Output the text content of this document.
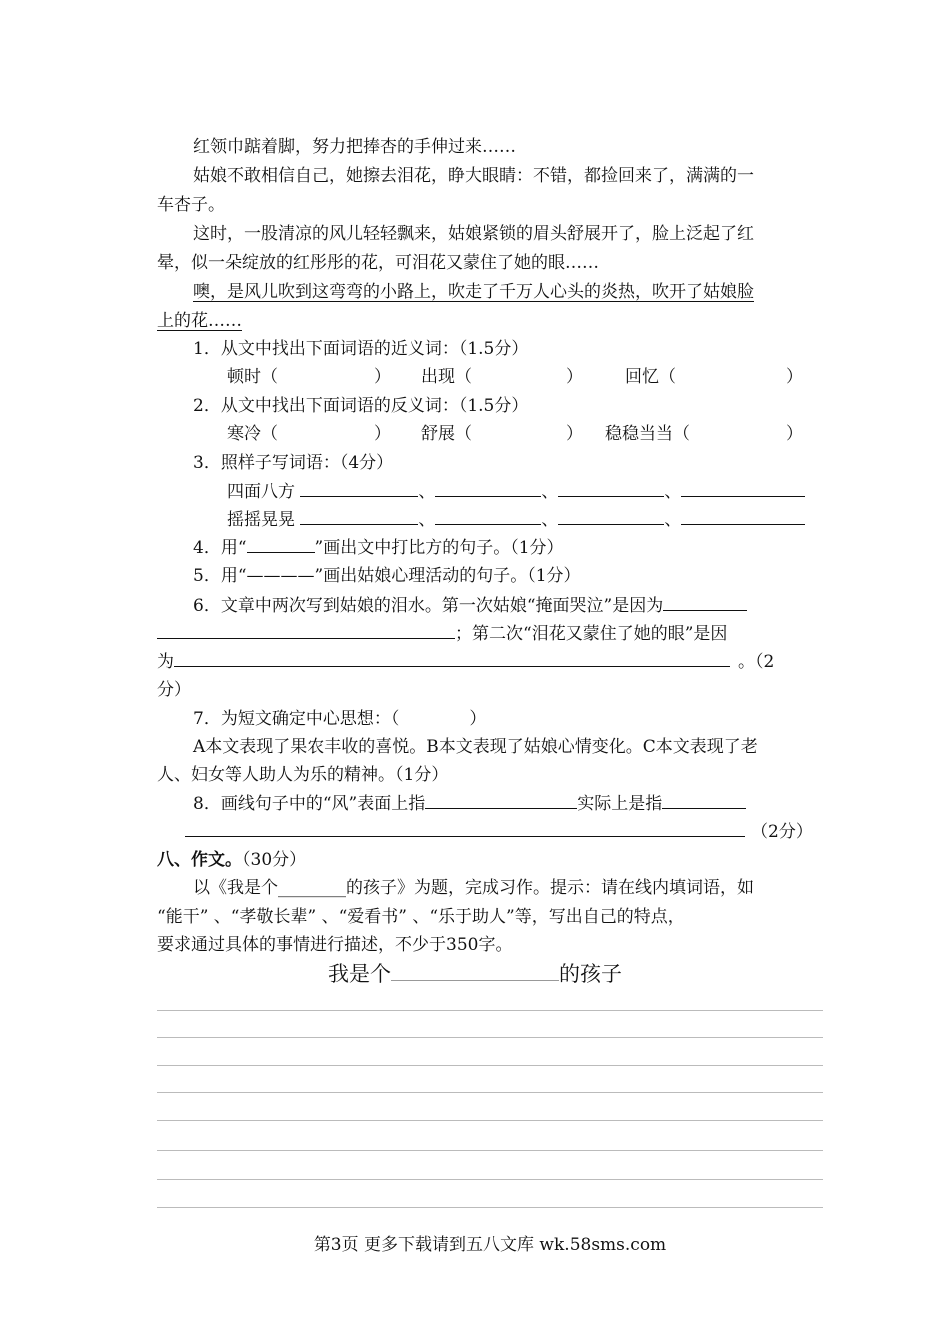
红领巾踮着脚，努力把捧杏的手伸过来……
姑娘不敢相信自己，她擦去泪花，睁大眼睛：不错，都捡回来了，满满的一
车杏子。
这时，一股清凉的风儿轻轻飘来，姑娘紧锁的眉头舒展开了，脸上泛起了红
晕，似一朵绽放的红彤彤的花，可泪花又蒙住了她的眼……
噢，是风儿吹到这弯弯的小路上，吹走了千万人心头的炎热，吹开了姑娘脸
上的花……
1．从文中找出下面词语的近义词：（1.5分）
顿时（	） 出现（	） 回忆（	）
2．从文中找出下面词语的反义词：（1.5分）
寒冷（	） 舒展（	） 稳稳当当（	）
3．照样子写词语：（4分）
四面八方	、	、	、
摇摇晃晃	、	、	、
4．用“	”画出文中打比方的句子。（1分）
5．用“————”画出姑娘心理活动的句子。（1分）
6．文章中两次写到姑娘的泪水。第一次姑娘“掩面哭泣”是因为
；第二次“泪花又蒙住了她的眼”是因
为	。（2
分）
7．为短文确定中心思想：（	）
A本文表现了果农丰收的喜悦。B本文表现了姑娘心情变化。C本文表现了老
人、妇女等人助人为乐的精神。（1分）
8．画线句子中的“风”表面上指	实际上是指
（2分）
八、作文。（30分）
以《我是个________的孩子》为题，完成习作。提示：请在线内填词语，如
“能干” 、“孝敬长辈” 、“爱看书” 、“乐于助人”等，写出自己的特点，
要求通过具体的事情进行描述，不少于350字。
我是个	的孩子
第3页 更多下载请到五八文库 wk.58sms.com
